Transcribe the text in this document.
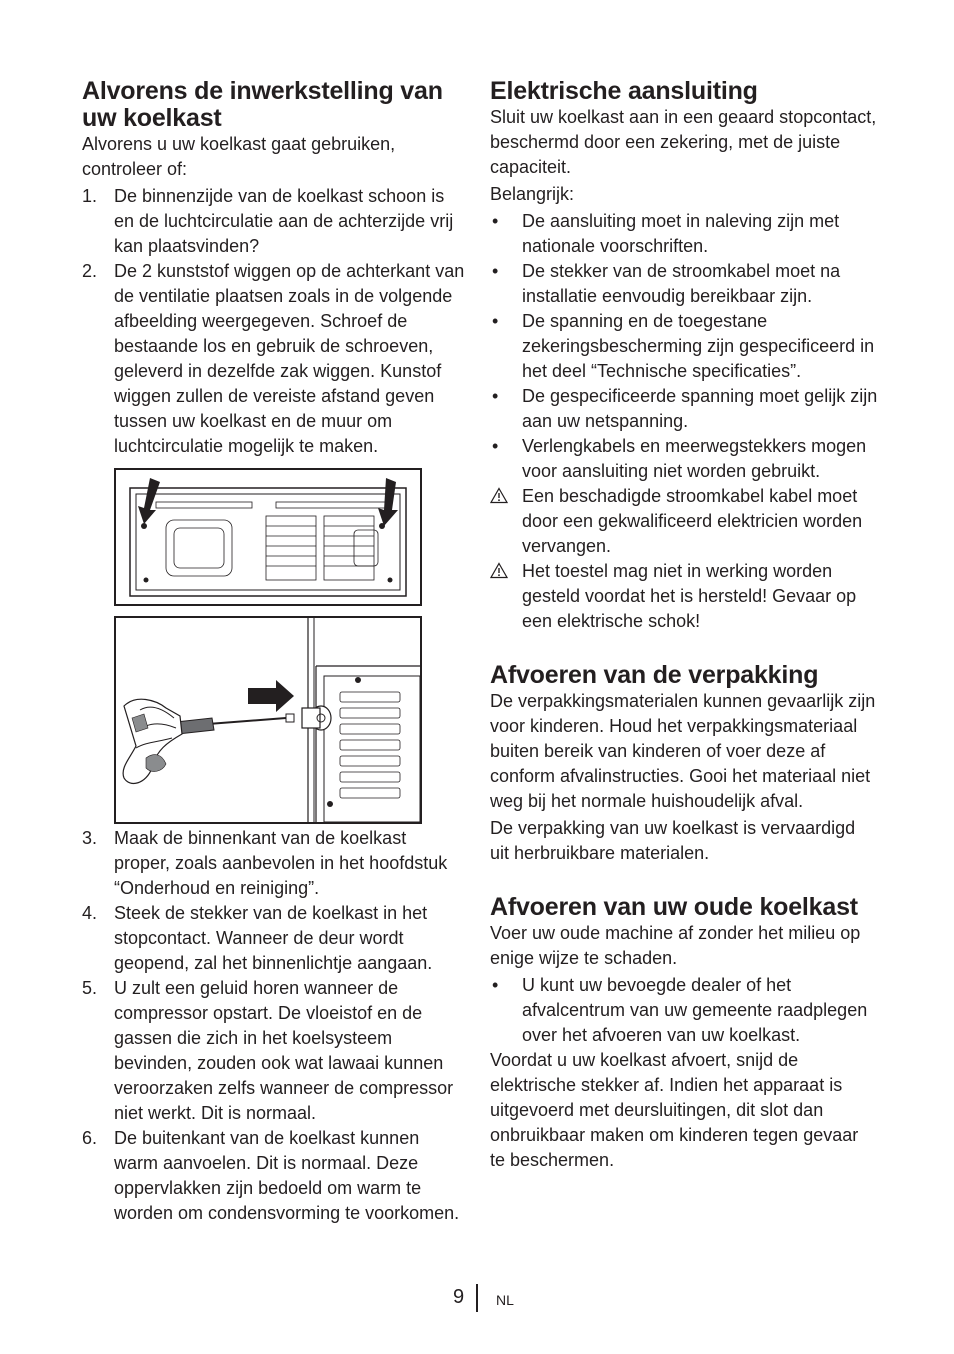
Alvorens de inwerkstelling van uw koelkast

Alvorens u uw koelkast gaat gebruiken, controleer of:

1. De binnenzijde van de koelkast schoon is en de luchtcirculatie aan de achterzijde vrij kan plaatsvinden?
2. De 2 kunststof wiggen op de achterkant van de ventilatie plaatsen zoals in de volgende afbeelding weergegeven. Schroef de bestaande los en gebruik de schroeven, geleverd in dezelfde zak wiggen. Kunstof wiggen zullen de vereiste afstand geven tussen uw koelkast en de muur om luchtcirculatie mogelijk te maken.
3. Maak de binnenkant van de koelkast proper, zoals aanbevolen in het hoofdstuk “Onderhoud en reiniging”.
4. Steek de stekker van de koelkast in het stopcontact. Wanneer de deur wordt geopend, zal het binnenlichtje aangaan.
5. U zult een geluid horen wanneer de compressor opstart. De vloeistof en de gassen die zich in het koelsysteem bevinden, zouden ook wat lawaai kunnen veroorzaken zelfs wanneer de compressor niet werkt. Dit is normaal.
6. De buitenkant van de koelkast kunnen warm aanvoelen. Dit is normaal. Deze oppervlakken zijn bedoeld om warm te worden om condensvorming te voorkomen.
Elektrische aansluiting

Sluit uw koelkast aan in een geaard stopcontact, beschermd door een zekering, met de juiste capaciteit.

Belangrijk:

• De aansluiting moet in naleving zijn met nationale voorschriften.
• De stekker van de stroomkabel moet na installatie eenvoudig bereikbaar zijn.
• De spanning en de toegestane zekeringsbescherming zijn gespecificeerd in het deel “Technische specificaties”.
• De gespecificeerde spanning moet gelijk zijn aan uw netspanning.
• Verlengkabels en meerwegstekkers mogen voor aansluiting niet worden gebruikt.
Een beschadigde stroomkabel kabel moet door een gekwalificeerd elektricien worden vervangen.
Het toestel mag niet in werking worden gesteld voordat het is hersteld! Gevaar op een elektrische schok!
Afvoeren van de verpakking

De verpakkingsmaterialen kunnen gevaarlijk zijn voor kinderen. Houd het verpakkingsmateriaal buiten bereik van kinderen of voer deze af conform afvalinstructies. Gooi het materiaal niet weg bij het normale huishoudelijk afval.

De verpakking van uw koelkast is vervaardigd uit herbruikbare materialen.

Afvoeren van uw oude koelkast

Voer uw oude machine af zonder het milieu op enige wijze te schaden.

• U kunt uw bevoegde dealer of het afvalcentrum van uw gemeente raadplegen over het afvoeren van uw koelkast.

Voordat u uw koelkast afvoert, snijd de elektrische stekker af. Indien het apparaat is uitgevoerd met deursluitingen, dit slot dan onbruikbaar maken om kinderen tegen gevaar te beschermen.

9 NL
